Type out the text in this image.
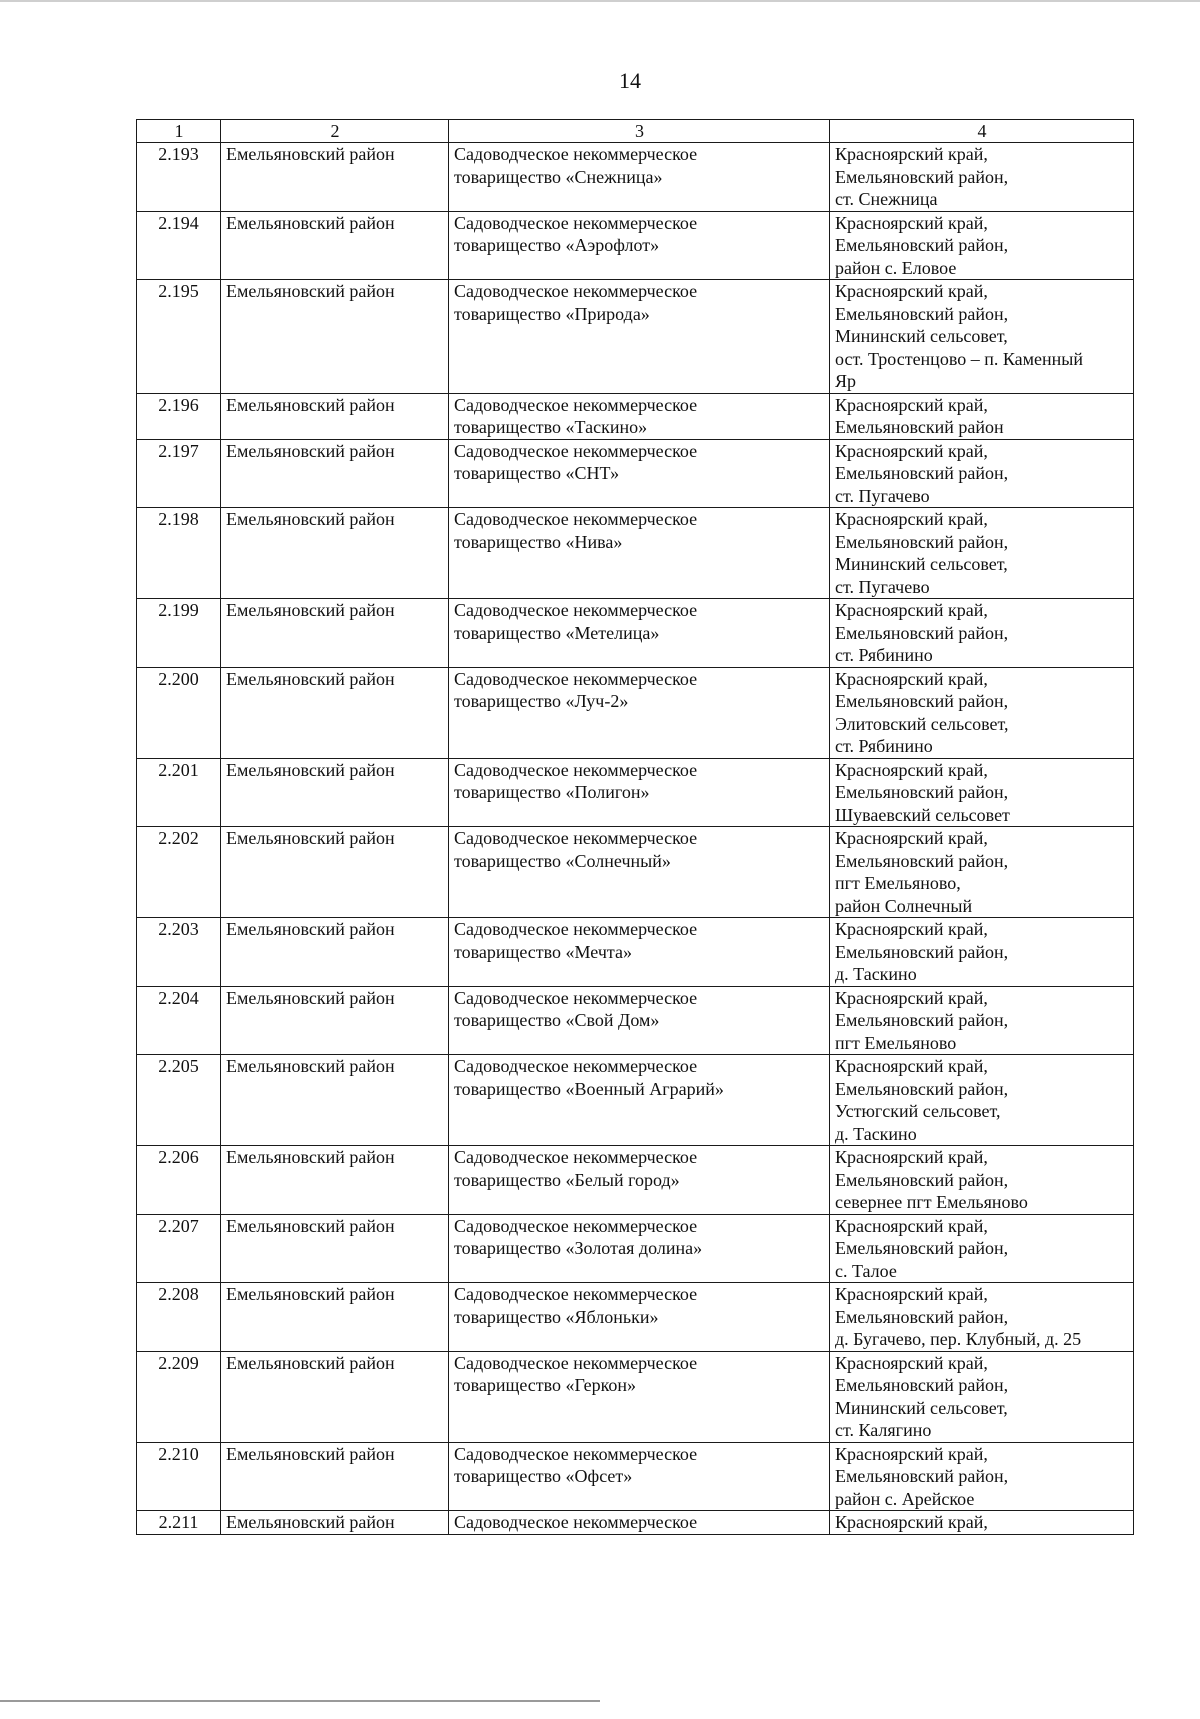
14
1	2	3	4
2.193	Емельяновский район	Садоводческое некоммерческое
товарищество «Снежница»	Красноярский край,
Емельяновский район,
ст. Снежница
2.194	Емельяновский район	Садоводческое некоммерческое
товарищество «Аэрофлот»	Красноярский край,
Емельяновский район,
район с. Еловое
2.195	Емельяновский район	Садоводческое некоммерческое
товарищество «Природа»	Красноярский край,
Емельяновский район,
Мининский сельсовет,
ост. Тростенцово – п. Каменный
Яр
2.196	Емельяновский район	Садоводческое некоммерческое
товарищество «Таскино»	Красноярский край,
Емельяновский район
2.197	Емельяновский район	Садоводческое некоммерческое
товарищество «СНТ»	Красноярский край,
Емельяновский район,
ст. Пугачево
2.198	Емельяновский район	Садоводческое некоммерческое
товарищество «Нива»	Красноярский край,
Емельяновский район,
Мининский сельсовет,
ст. Пугачево
2.199	Емельяновский район	Садоводческое некоммерческое
товарищество «Метелица»	Красноярский край,
Емельяновский район,
ст. Рябинино
2.200	Емельяновский район	Садоводческое некоммерческое
товарищество «Луч-2»	Красноярский край,
Емельяновский район,
Элитовский сельсовет,
ст. Рябинино
2.201	Емельяновский район	Садоводческое некоммерческое
товарищество «Полигон»	Красноярский край,
Емельяновский район,
Шуваевский сельсовет
2.202	Емельяновский район	Садоводческое некоммерческое
товарищество «Солнечный»	Красноярский край,
Емельяновский район,
пгт Емельяново,
район Солнечный
2.203	Емельяновский район	Садоводческое некоммерческое
товарищество «Мечта»	Красноярский край,
Емельяновский район,
д. Таскино
2.204	Емельяновский район	Садоводческое некоммерческое
товарищество «Свой Дом»	Красноярский край,
Емельяновский район,
пгт Емельяново
2.205	Емельяновский район	Садоводческое некоммерческое
товарищество «Военный Аграрий»	Красноярский край,
Емельяновский район,
Устюгский сельсовет,
д. Таскино
2.206	Емельяновский район	Садоводческое некоммерческое
товарищество «Белый город»	Красноярский край,
Емельяновский район,
севернее пгт Емельяново
2.207	Емельяновский район	Садоводческое некоммерческое
товарищество «Золотая долина»	Красноярский край,
Емельяновский район,
с. Талое
2.208	Емельяновский район	Садоводческое некоммерческое
товарищество «Яблоньки»	Красноярский край,
Емельяновский район,
д. Бугачево, пер. Клубный, д. 25
2.209	Емельяновский район	Садоводческое некоммерческое
товарищество «Геркон»	Красноярский край,
Емельяновский район,
Мининский сельсовет,
ст. Калягино
2.210	Емельяновский район	Садоводческое некоммерческое
товарищество «Офсет»	Красноярский край,
Емельяновский район,
район с. Арейское
2.211	Емельяновский район	Садоводческое некоммерческое	Красноярский край,
